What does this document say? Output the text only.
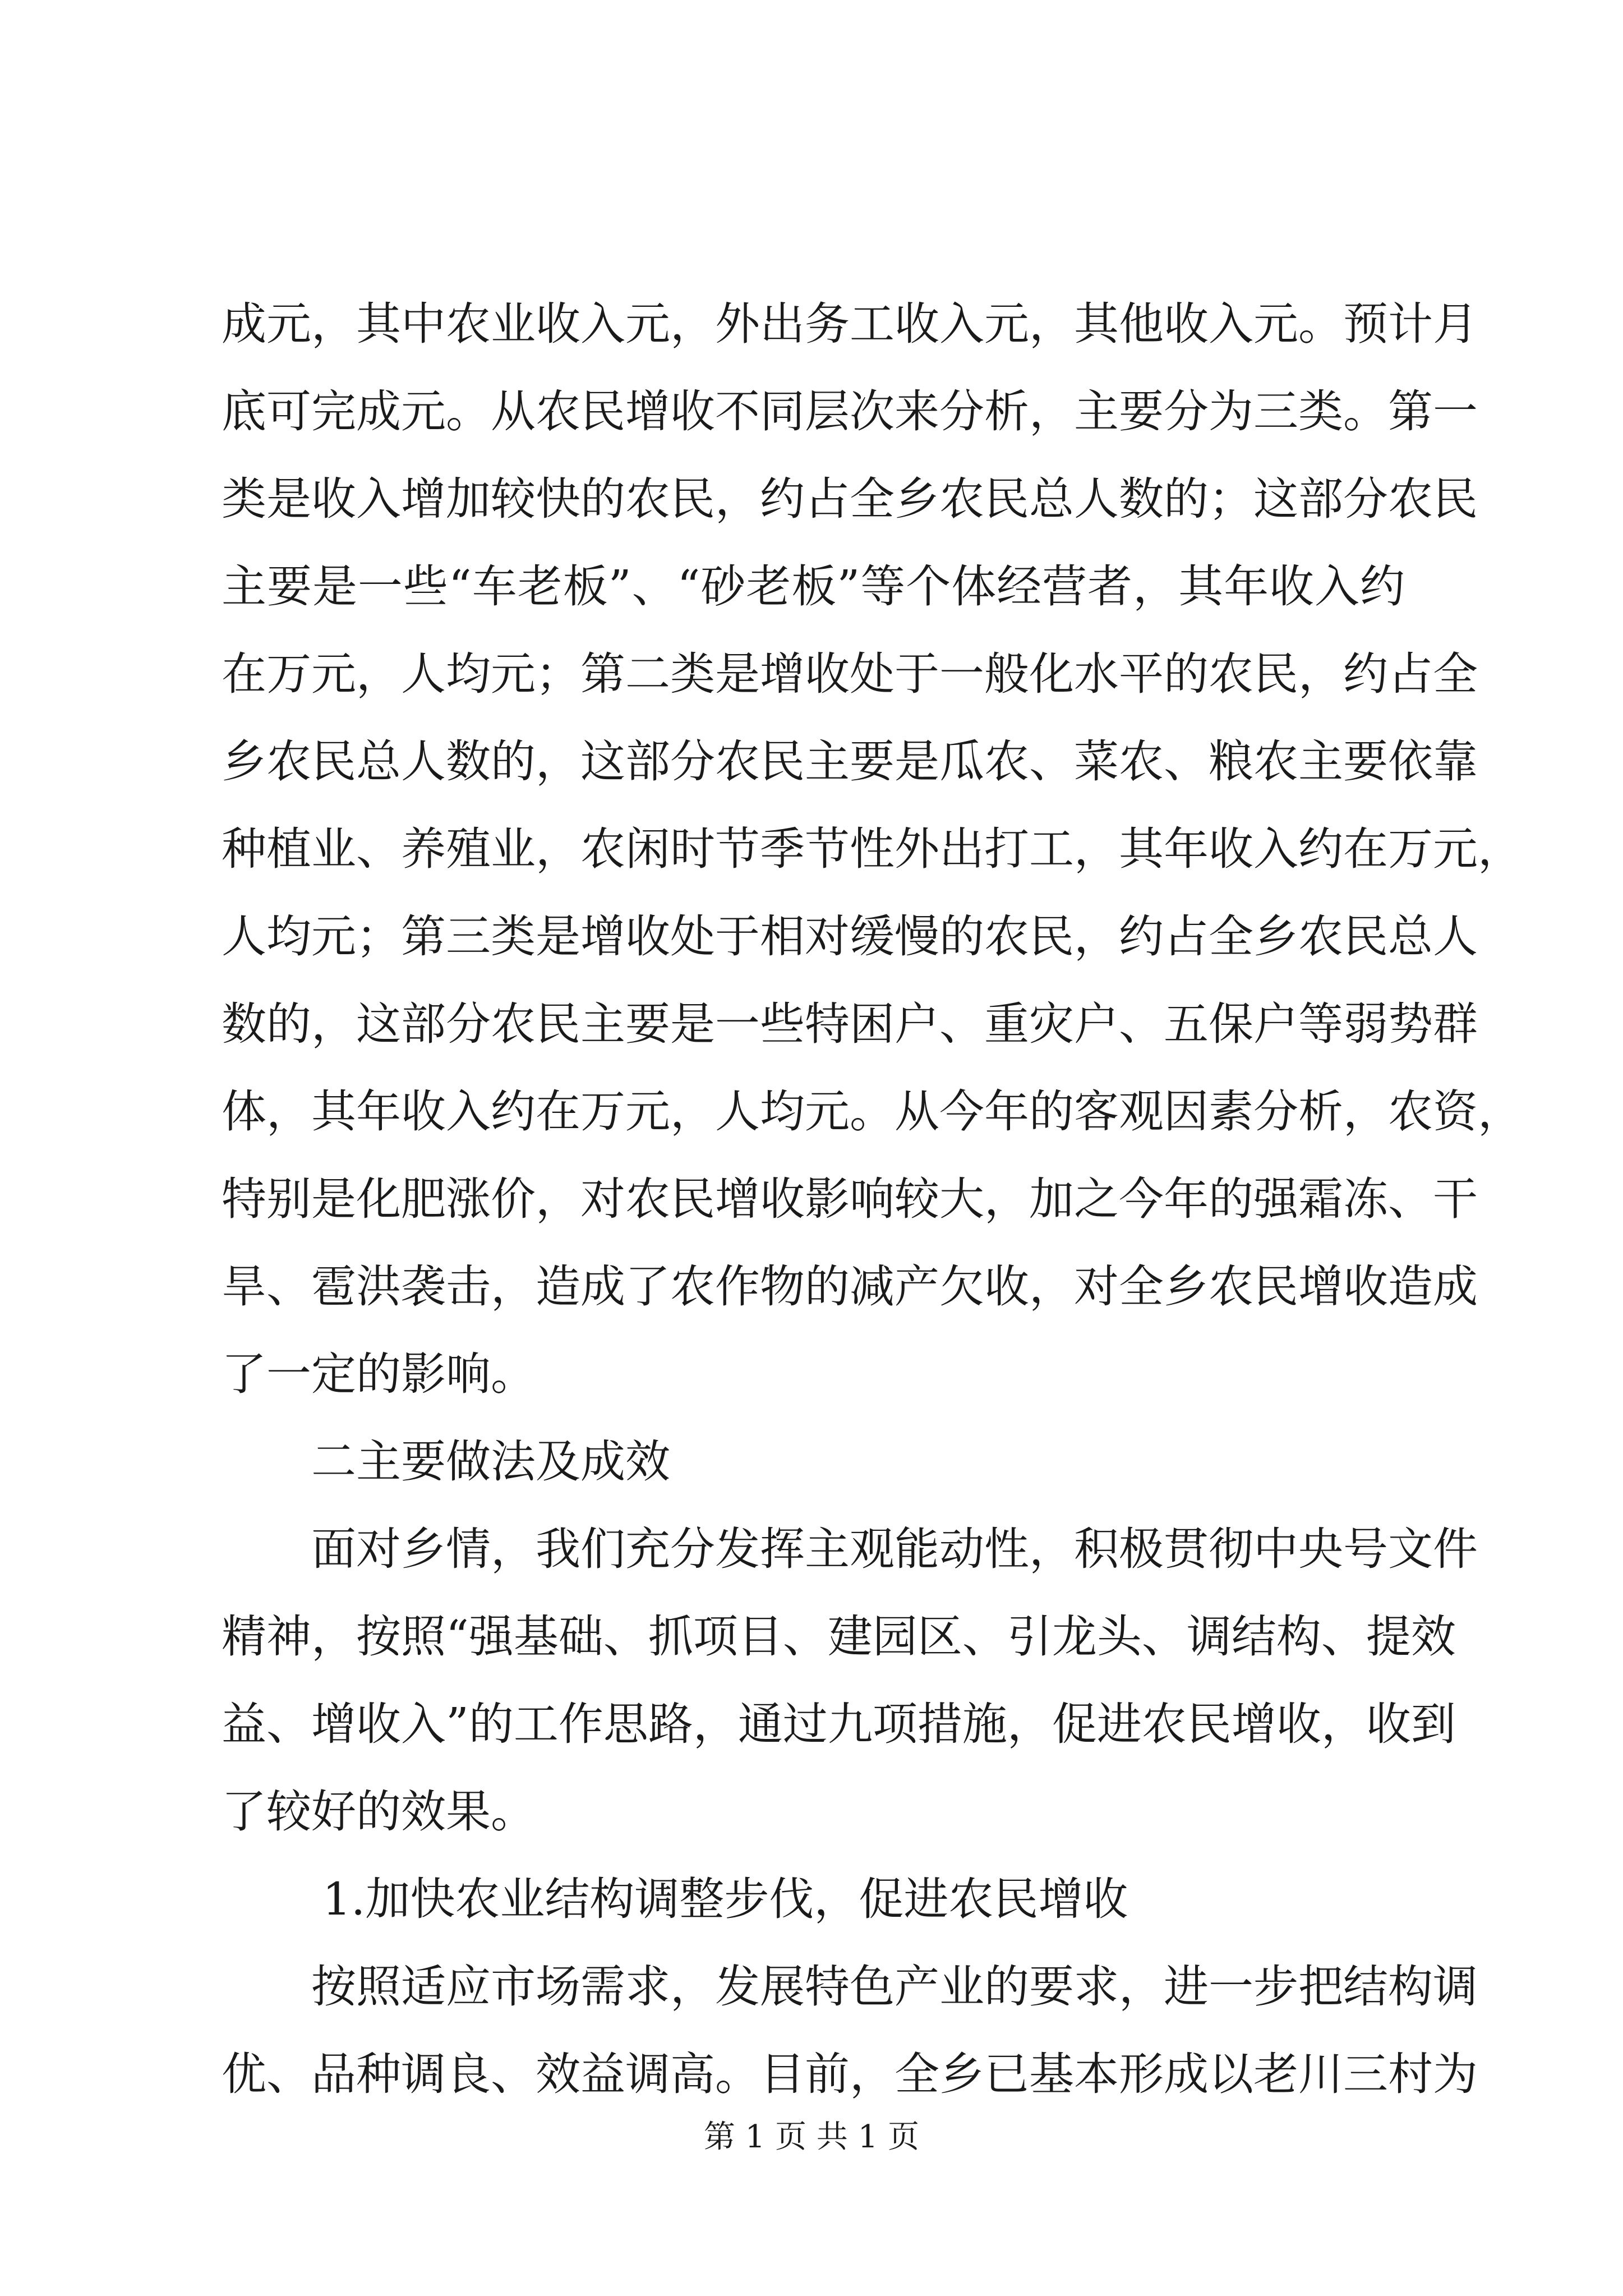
成元，其中农业收入元，外出务工收入元，其他收入元。预计月
底可完成元。从农民增收不同层次来分析，主要分为三类。第一
类是收入增加较快的农民，约占全乡农民总人数的；这部分农民
主要是一些“车老板”、“砂老板”等个体经营者，其年收入约
在万元，人均元；第二类是增收处于一般化水平的农民，约占全
乡农民总人数的，这部分农民主要是瓜农、菜农、粮农主要依靠
种植业、养殖业，农闲时节季节性外出打工，其年收入约在万元，
人均元；第三类是增收处于相对缓慢的农民，约占全乡农民总人
数的，这部分农民主要是一些特困户、重灾户、五保户等弱势群
体，其年收入约在万元，人均元。从今年的客观因素分析，农资，
特别是化肥涨价，对农民增收影响较大，加之今年的强霜冻、干
旱、雹洪袭击，造成了农作物的减产欠收，对全乡农民增收造成
了一定的影响。
二主要做法及成效
面对乡情，我们充分发挥主观能动性，积极贯彻中央号文件
精神，按照“强基础、抓项目、建园区、引龙头、调结构、提效
益、增收入”的工作思路，通过九项措施，促进农民增收，收到
了较好的效果。
1.加快农业结构调整步伐，促进农民增收
按照适应市场需求，发展特色产业的要求，进一步把结构调
优、品种调良、效益调高。目前，全乡已基本形成以老川三村为
第 1 页 共 1 页
